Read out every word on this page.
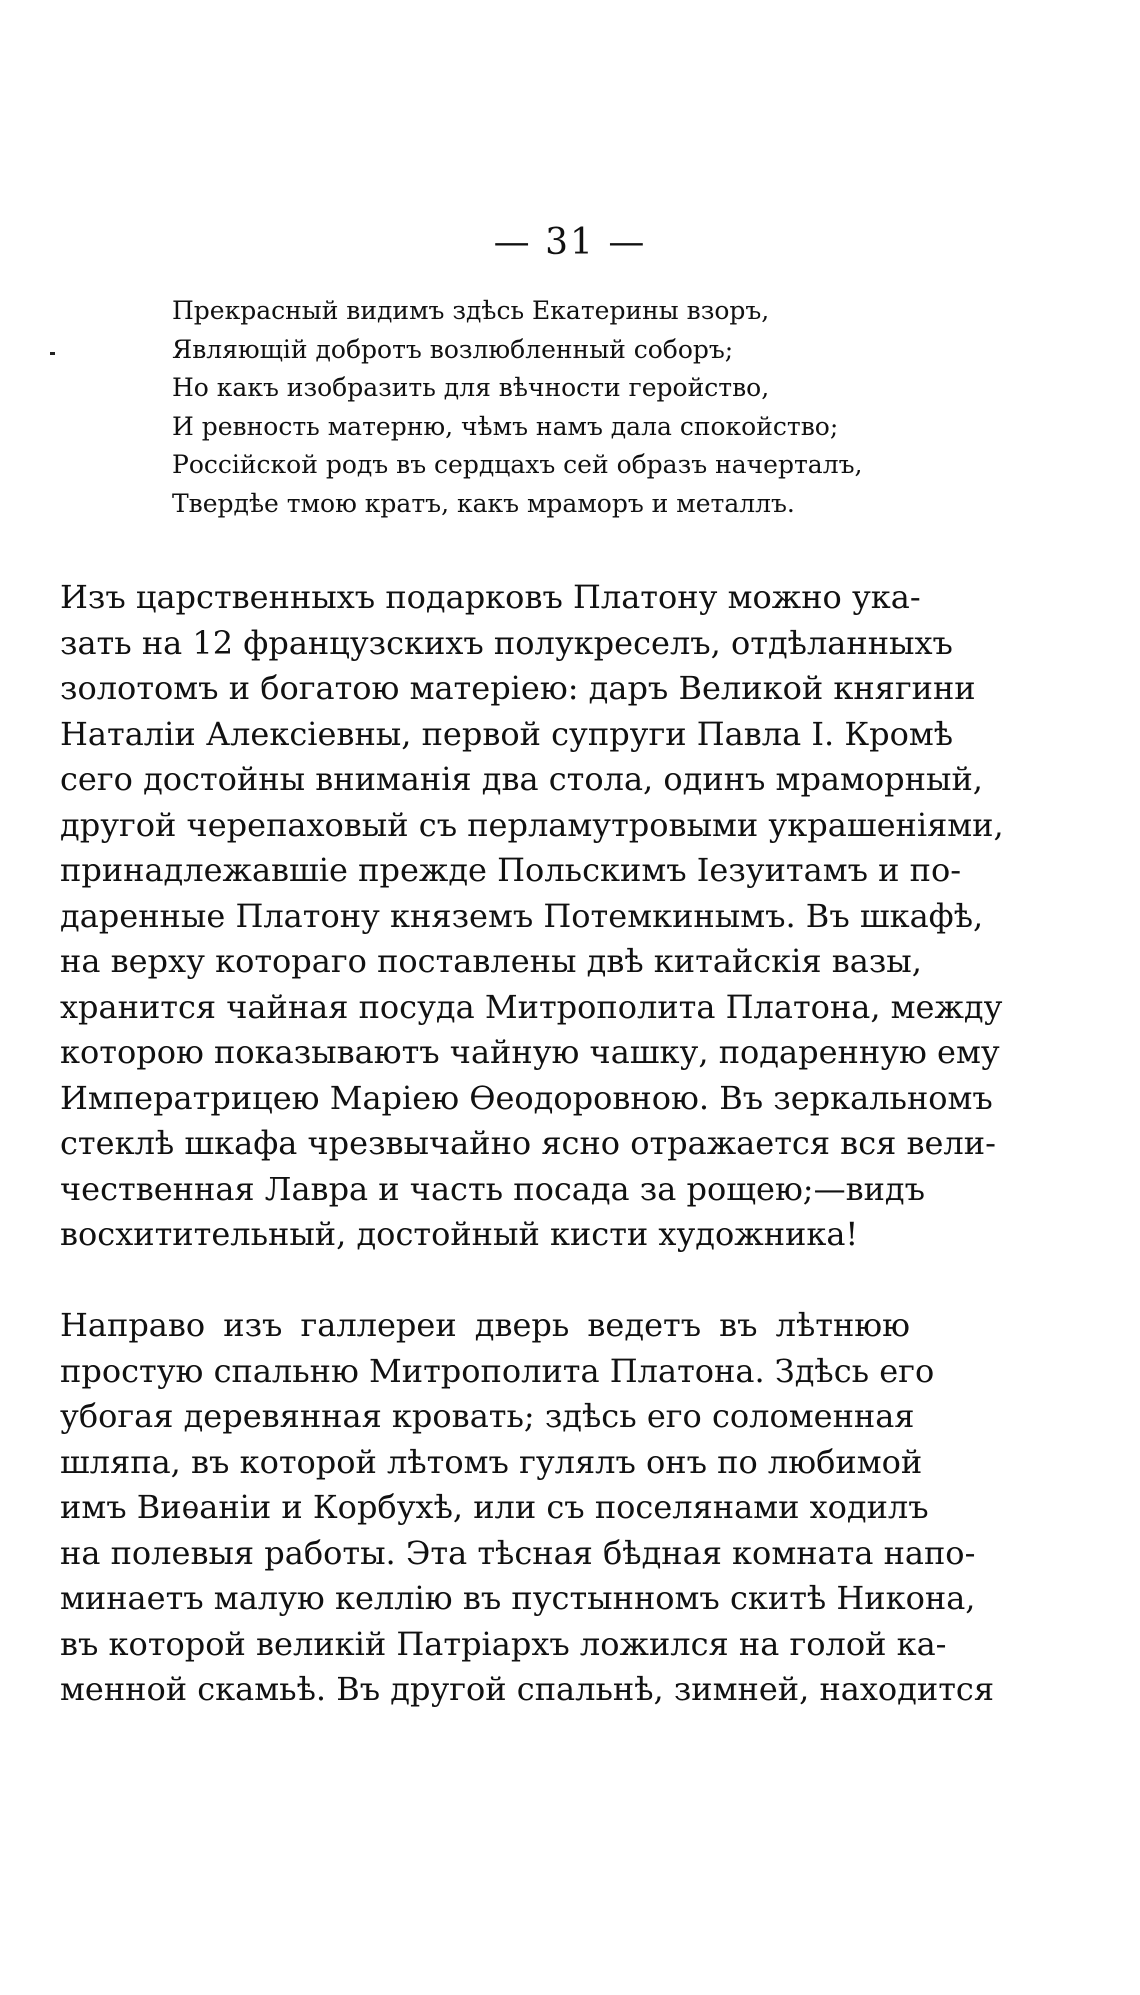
— 31 —
Прекрасный видимъ здѣсь Екатерины взоръ,
Являющій добротъ возлюбленный соборъ;
Но какъ изобразить для вѣчности геройство,
И ревность матерню, чѣмъ намъ дала спокойство;
Россійской родъ въ сердцахъ сей образъ начерталъ,
Твердѣе тмою кратъ, какъ мраморъ и металлъ.
Изъ царственныхъ подарковъ Платону можно ука-
зать на 12 французскихъ полукреселъ, отдѣланныхъ
золотомъ и богатою матеріею: даръ Великой княгини
Наталіи Алексіевны, первой супруги Павла I. Кромѣ
сего достойны вниманія два стола, одинъ мраморный,
другой черепаховый съ перламутровыми украшеніями,
принадлежавшіе прежде Польскимъ Іезуитамъ и по-
даренные Платону княземъ Потемкинымъ. Въ шкафѣ,
на верху котораго поставлены двѣ китайскія вазы,
хранится чайная посуда Митрополита Платона, между
которою показываютъ чайную чашку, подаренную ему
Императрицею Маріею Ѳеодоровною. Въ зеркальномъ
стеклѣ шкафа чрезвычайно ясно отражается вся вели-
чественная Лавра и часть посада за рощею;—видъ
восхитительный, достойный кисти художника!
Направо изъ галлереи дверь ведетъ въ лѣтнюю
простую спальню Митрополита Платона. Здѣсь его
убогая деревянная кровать; здѣсь его соломенная
шляпа, въ которой лѣтомъ гулялъ онъ по любимой
имъ Виѳаніи и Корбухѣ, или съ поселянами ходилъ
на полевыя работы. Эта тѣсная бѣдная комната напо-
минаетъ малую келлію въ пустынномъ скитѣ Никона,
въ которой великій Патріархъ ложился на голой ка-
менной скамьѣ. Въ другой спальнѣ, зимней, находится
